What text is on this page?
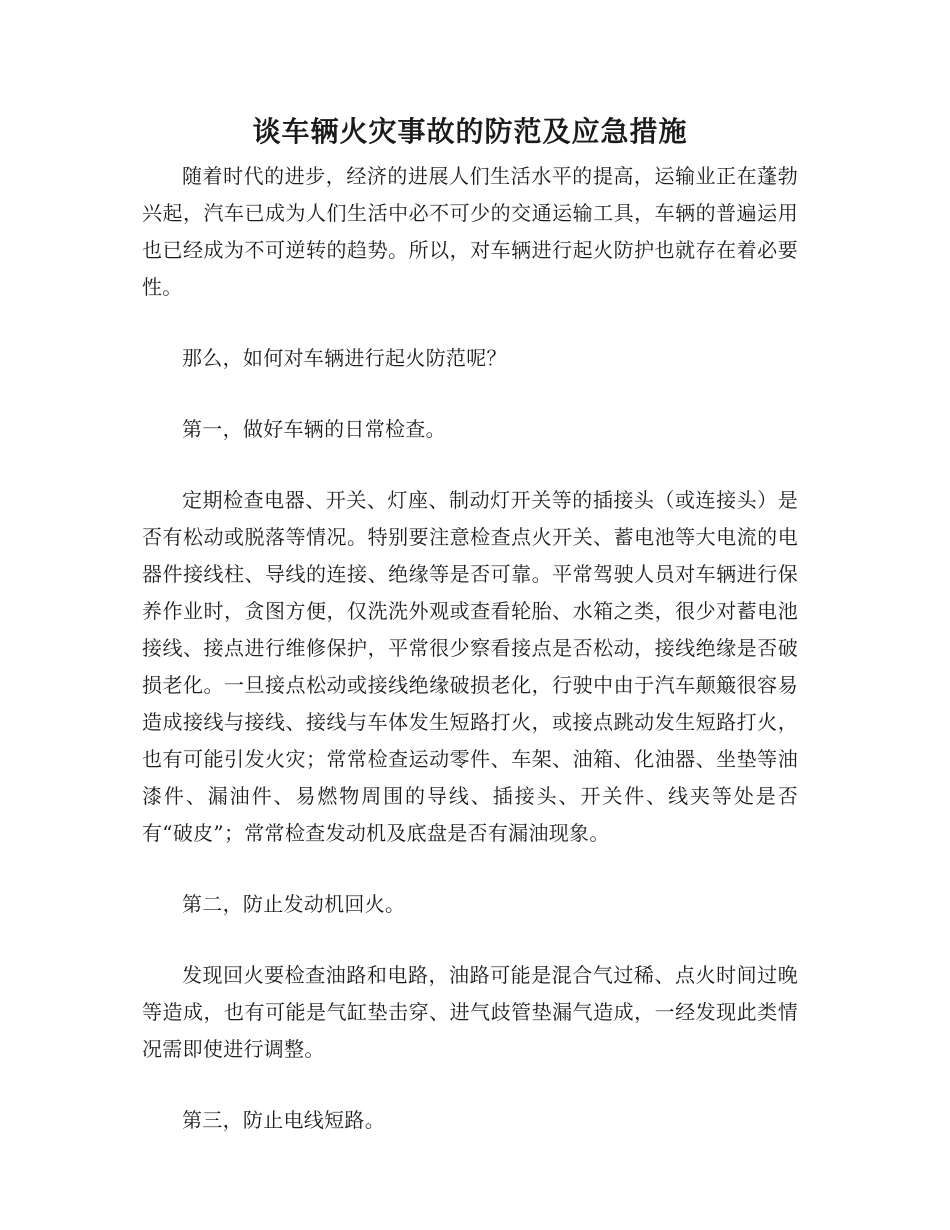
谈车辆火灾事故的防范及应急措施

随着时代的进步，经济的进展人们生活水平的提高，运输业正在蓬勃兴起，汽车已成为人们生活中必不可少的交通运输工具，车辆的普遍运用也已经成为不可逆转的趋势。所以，对车辆进行起火防护也就存在着必要性。

那么，如何对车辆进行起火防范呢？

第一，做好车辆的日常检查。

定期检查电器、开关、灯座、制动灯开关等的插接头（或连接头）是否有松动或脱落等情况。特别要注意检查点火开关、蓄电池等大电流的电器件接线柱、导线的连接、绝缘等是否可靠。平常驾驶人员对车辆进行保养作业时，贪图方便，仅洗洗外观或查看轮胎、水箱之类，很少对蓄电池接线、接点进行维修保护，平常很少察看接点是否松动，接线绝缘是否破损老化。一旦接点松动或接线绝缘破损老化，行驶中由于汽车颠簸很容易造成接线与接线、接线与车体发生短路打火，或接点跳动发生短路打火，也有可能引发火灾；常常检查运动零件、车架、油箱、化油器、坐垫等油漆件、漏油件、易燃物周围的导线、插接头、开关件、线夹等处是否有“破皮”；常常检查发动机及底盘是否有漏油现象。

第二，防止发动机回火。

发现回火要检查油路和电路，油路可能是混合气过稀、点火时间过晚等造成，也有可能是气缸垫击穿、进气歧管垫漏气造成，一经发现此类情况需即使进行调整。

第三，防止电线短路。
